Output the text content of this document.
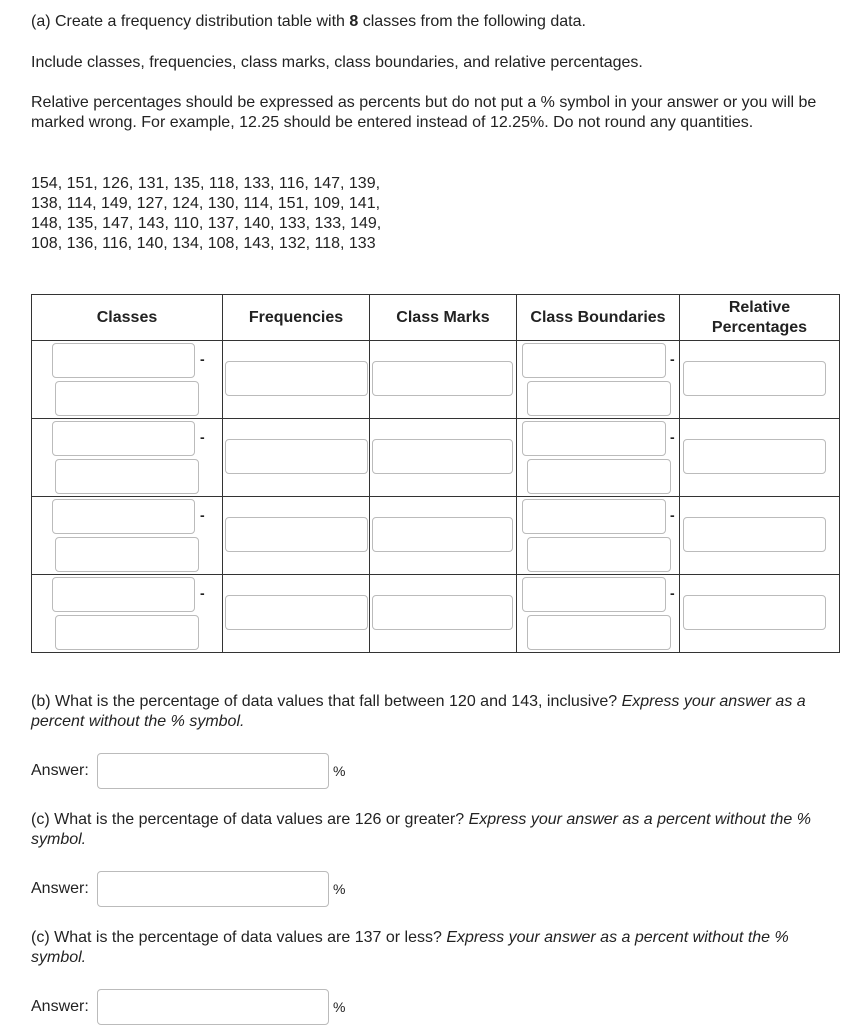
(a) Create a frequency distribution table with 8 classes from the following data.

Include classes, frequencies, class marks, class boundaries, and relative percentages.

Relative percentages should be expressed as percents but do not put a % symbol in your answer or you will be marked wrong. For example, 12.25 should be entered instead of 12.25%. Do not round any quantities.

154, 151, 126, 131, 135, 118, 133, 116, 147, 139,
138, 114, 149, 127, 124, 130, 114, 151, 109, 141,
148, 135, 147, 143, 110, 137, 140, 133, 133, 149,
108, 136, 116, 140, 134, 108, 143, 132, 118, 133
Classes	Frequencies	Class Marks	Class Boundaries	Relative Percentages

-			-	

-			-	

-			-	

-			-	

(b) What is the percentage of data values that fall between 120 and 143, inclusive? Express your answer as a percent without the % symbol.
Answer:	%
(c) What is the percentage of data values are 126 or greater? Express your answer as a percent without the % symbol.
Answer:	%
(c) What is the percentage of data values are 137 or less? Express your answer as a percent without the % symbol.
Answer:	%
